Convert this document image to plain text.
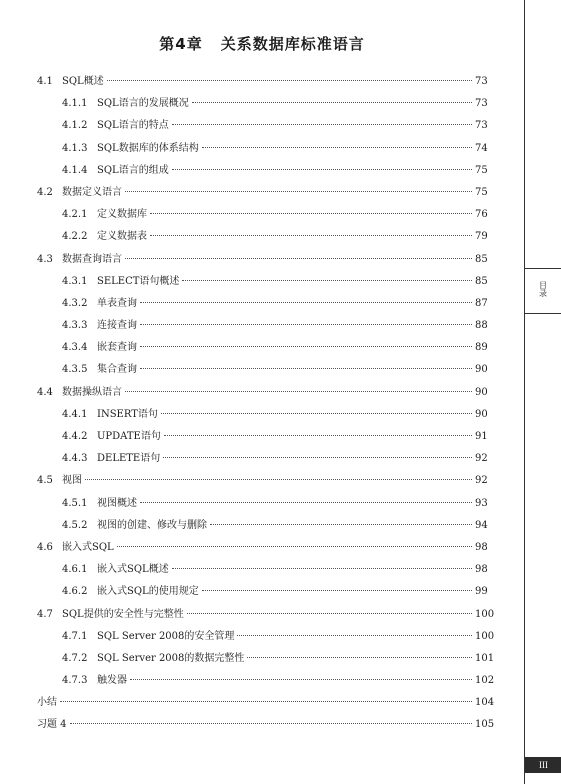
第4章 关系数据库标准语言
4.1 SQL概述	73
4.1.1 SQL语言的发展概况	73
4.1.2 SQL语言的特点	73
4.1.3 SQL数据库的体系结构	74
4.1.4 SQL语言的组成	75
4.2 数据定义语言	75
4.2.1 定义数据库	76
4.2.2 定义数据表	79
4.3 数据查询语言	85
4.3.1 SELECT语句概述	85
4.3.2 单表查询	87
4.3.3 连接查询	88
4.3.4 嵌套查询	89
4.3.5 集合查询	90
4.4 数据操纵语言	90
4.4.1 INSERT语句	90
4.4.2 UPDATE语句	91
4.4.3 DELETE语句	92
4.5 视图	92
4.5.1 视图概述	93
4.5.2 视图的创建、修改与删除	94
4.6 嵌入式SQL	98
4.6.1 嵌入式SQL概述	98
4.6.2 嵌入式SQL的使用规定	99
4.7 SQL提供的安全性与完整性	100
4.7.1 SQL Server 2008的安全管理	100
4.7.2 SQL Server 2008的数据完整性	101
4.7.3 触发器	102
小结	104
习题 4	105
目录
III
